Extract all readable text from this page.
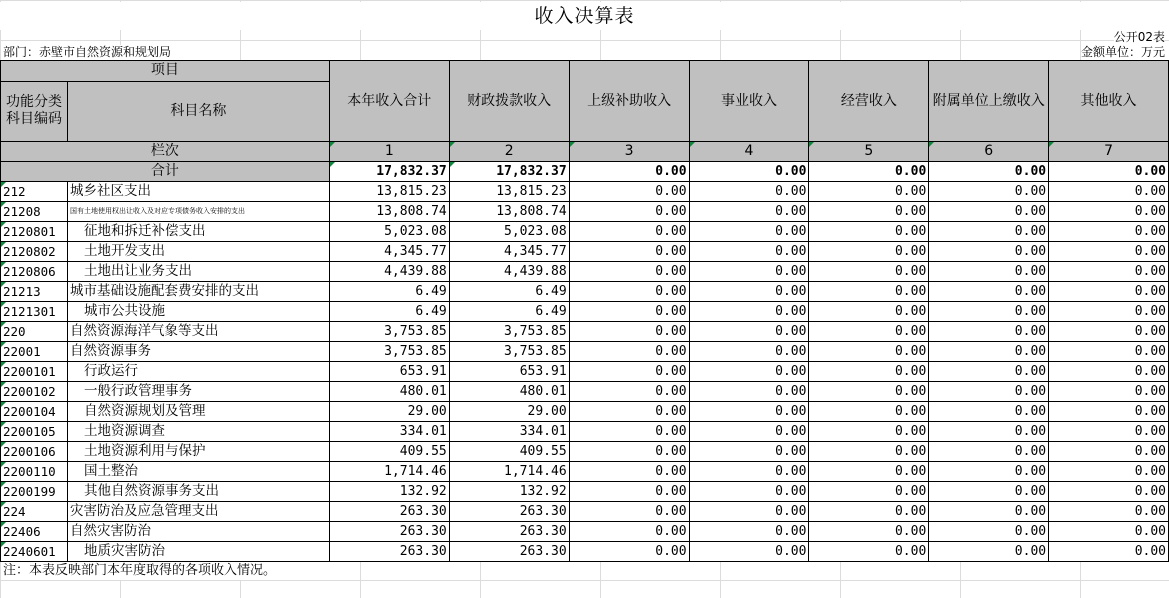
收入决算表
公开02表
部门：赤壁市自然资源和规划局	金额单位：万元
项目		本年收入合计	财政拨款收入	上级补助收入	事业收入	经营收入	附属单位上缴收入	其他收入
功能分类科目编码	科目名称							
栏次		1	2	3	4	5	6	7
合计		17,832.37	17,832.37	0.00	0.00	0.00	0.00	0.00
212	城乡社区支出	13,815.23	13,815.23	0.00	0.00	0.00	0.00	0.00
21208	国有土地使用权出让收入及对应专项债务收入安排的支出	13,808.74	13,808.74	0.00	0.00	0.00	0.00	0.00
2120801	征地和拆迁补偿支出	5,023.08	5,023.08	0.00	0.00	0.00	0.00	0.00
2120802	土地开发支出	4,345.77	4,345.77	0.00	0.00	0.00	0.00	0.00
2120806	土地出让业务支出	4,439.88	4,439.88	0.00	0.00	0.00	0.00	0.00
21213	城市基础设施配套费安排的支出	6.49	6.49	0.00	0.00	0.00	0.00	0.00
2121301	城市公共设施	6.49	6.49	0.00	0.00	0.00	0.00	0.00
220	自然资源海洋气象等支出	3,753.85	3,753.85	0.00	0.00	0.00	0.00	0.00
22001	自然资源事务	3,753.85	3,753.85	0.00	0.00	0.00	0.00	0.00
2200101	行政运行	653.91	653.91	0.00	0.00	0.00	0.00	0.00
2200102	一般行政管理事务	480.01	480.01	0.00	0.00	0.00	0.00	0.00
2200104	自然资源规划及管理	29.00	29.00	0.00	0.00	0.00	0.00	0.00
2200105	土地资源调查	334.01	334.01	0.00	0.00	0.00	0.00	0.00
2200106	土地资源利用与保护	409.55	409.55	0.00	0.00	0.00	0.00	0.00
2200110	国土整治	1,714.46	1,714.46	0.00	0.00	0.00	0.00	0.00
2200199	其他自然资源事务支出	132.92	132.92	0.00	0.00	0.00	0.00	0.00
224	灾害防治及应急管理支出	263.30	263.30	0.00	0.00	0.00	0.00	0.00
22406	自然灾害防治	263.30	263.30	0.00	0.00	0.00	0.00	0.00
2240601	地质灾害防治	263.30	263.30	0.00	0.00	0.00	0.00	0.00
注：本表反映部门本年度取得的各项收入情况。
